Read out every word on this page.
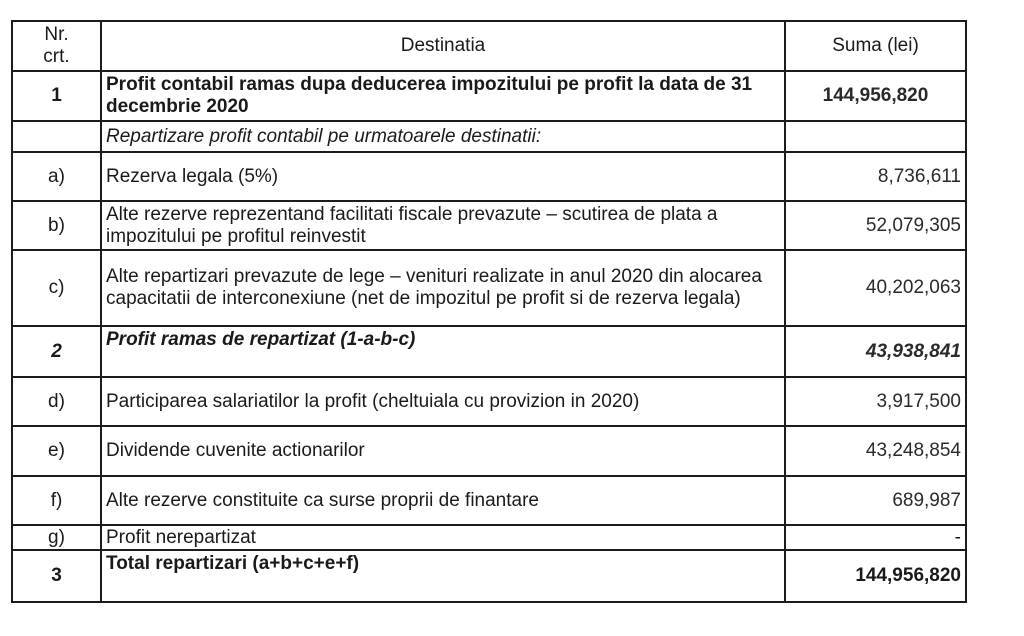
Nr.
crt.	Destinatia	Suma (lei)
1	Profit contabil ramas dupa deducerea impozitului pe profit la data de 31 decembrie 2020	144,956,820
	Repartizare profit contabil pe urmatoarele destinatii:	
a)	Rezerva legala (5%)	8,736,611
b)	Alte rezerve reprezentand facilitati fiscale prevazute – scutirea de plata a impozitului pe profitul reinvestit	52,079,305
c)	Alte repartizari prevazute de lege – venituri realizate in anul 2020 din alocarea capacitatii de interconexiune (net de impozitul pe profit si de rezerva legala)	40,202,063
2	Profit ramas de repartizat (1-a-b-c)	43,938,841
d)	Participarea salariatilor la profit (cheltuiala cu provizion in 2020)	3,917,500
e)	Dividende cuvenite actionarilor	43,248,854
f)	Alte rezerve constituite ca surse proprii de finantare	689,987
g)	Profit nerepartizat	-
3	Total repartizari (a+b+c+e+f)	144,956,820
